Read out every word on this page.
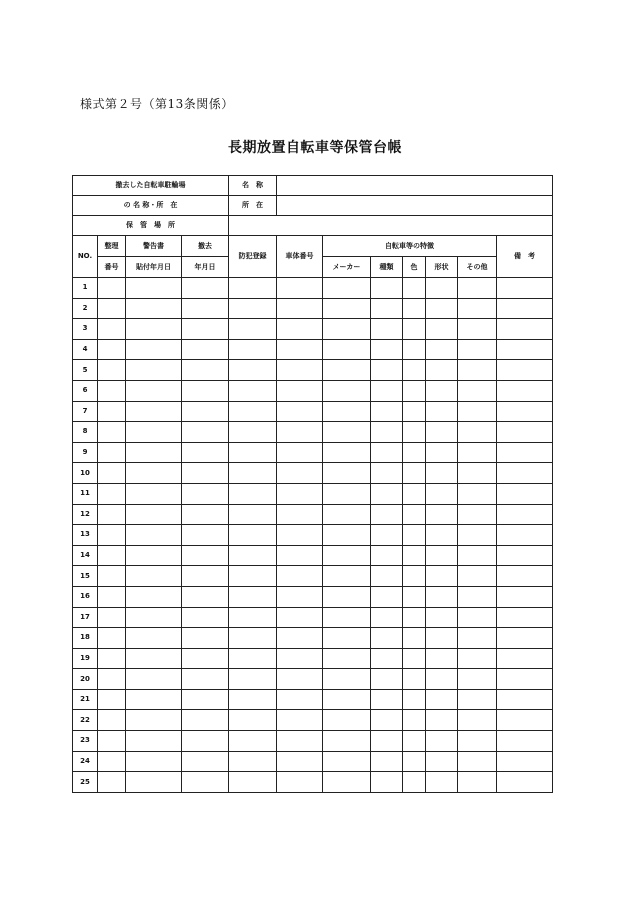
様式第２号（第13条関係）
長期放置自転車等保管台帳
撤去した自転車駐輪場				名　称							
の 名 称・所　在				所　在							
保　管　場　所											
NO.	整理	警告書	撤去	防犯登録	車体番号	自転車等の特徴					備　考
	番号	貼付年月日	年月日			メーカー	種類	色	形状	その他	
1											
2											
3											
4											
5											
6											
7											
8											
9											
10											
11											
12											
13											
14											
15											
16											
17											
18											
19											
20											
21											
22											
23											
24											
25											
